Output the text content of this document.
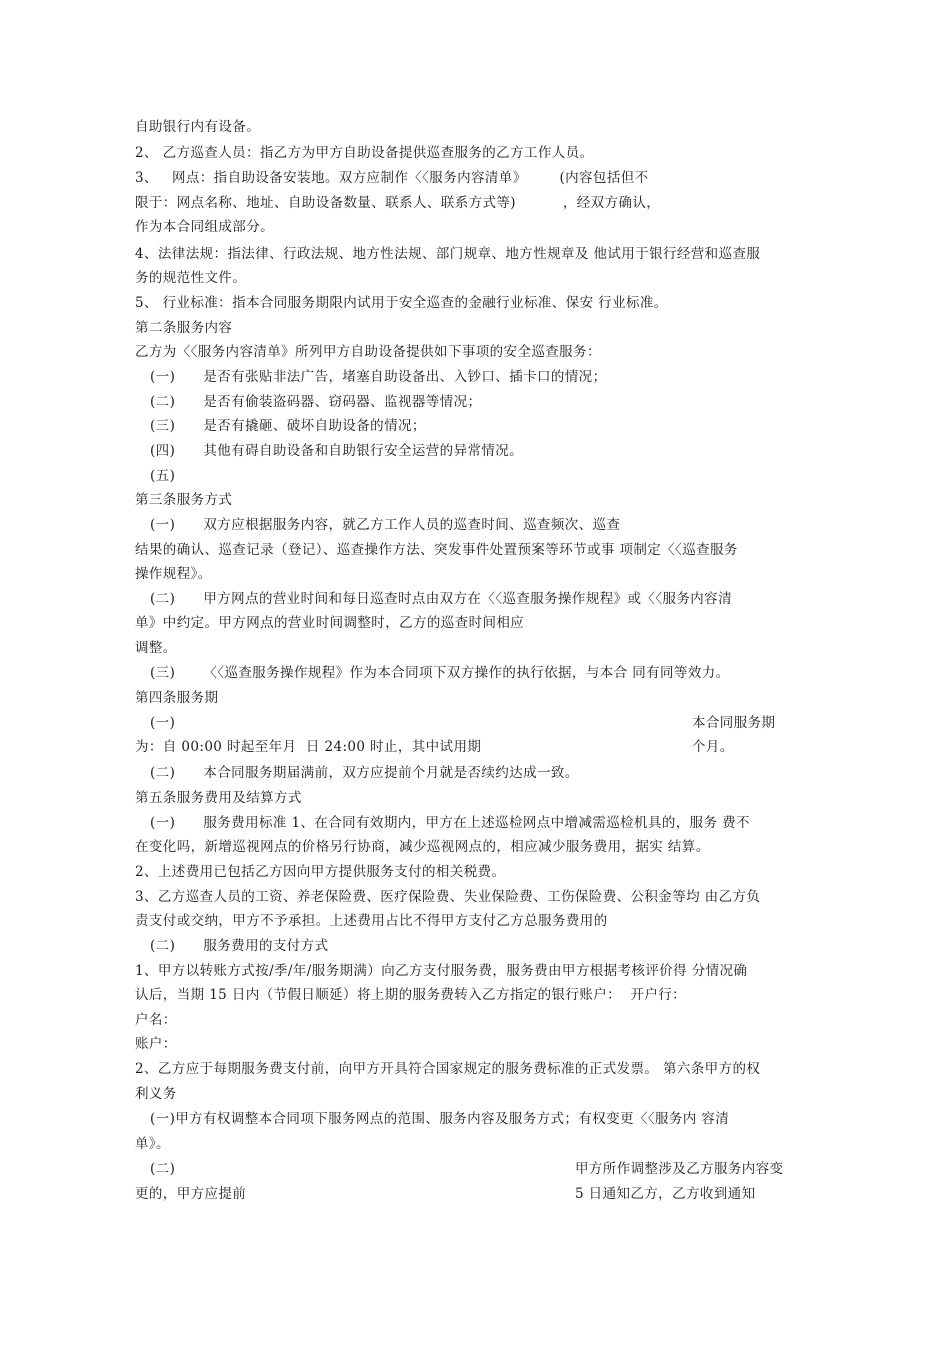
自助银行内有设备。
2、 乙方巡查人员：指乙方为甲方自助设备提供巡查服务的乙方工作人员。
3、   网点：指自助设备安装地。双方应制作〈〈服务内容清单》       (内容包括但不
限于：网点名称、地址、自助设备数量、联系人、联系方式等)          ，经双方确认，
作为本合同组成部分。
4、法律法规：指法律、行政法规、地方性法规、部门规章、地方性规章及 他试用于银行经营和巡查服
务的规范性文件。
5、 行业标准：指本合同服务期限内试用于安全巡查的金融行业标准、保安 行业标准。
第二条服务内容
乙方为〈〈服务内容清单》所列甲方自助设备提供如下事项的安全巡查服务：
(一)      是否有张贴非法广告，堵塞自助设备出、入钞口、插卡口的情况；
(二)      是否有偷装盗码器、窃码器、监视器等情况；
(三)      是否有撬砸、破坏自助设备的情况；
(四)      其他有碍自助设备和自助银行安全运营的异常情况。
(五)
第三条服务方式
(一)      双方应根据服务内容，就乙方工作人员的巡查时间、巡查频次、巡查
结果的确认、巡查记录（登记）、巡查操作方法、突发事件处置预案等环节或事 项制定〈〈巡查服务
操作规程》。
(二)      甲方网点的营业时间和每日巡查时点由双方在〈〈巡查服务操作规程》或〈〈服务内容清
单》中约定。甲方网点的营业时间调整时，乙方的巡查时间相应
调整。
(三)      〈〈巡查服务操作规程》作为本合同项下双方操作的执行依据，与本合 同有同等效力。
第四条服务期
(一)	本合同服务期
为：自 00:00 时起至年月  日 24:00 时止，其中试用期	个月。
(二)      本合同服务期届满前，双方应提前个月就是否续约达成一致。
第五条服务费用及结算方式
(一)      服务费用标准 1、在合同有效期内，甲方在上述巡检网点中增减需巡检机具的，服务 费不
在变化吗，新增巡视网点的价格另行协商，减少巡视网点的，相应减少服务费用，据实 结算。
2、上述费用已包括乙方因向甲方提供服务支付的相关税费。
3、乙方巡查人员的工资、养老保险费、医疗保险费、失业保险费、工伤保险费、公积金等均 由乙方负
责支付或交纳，甲方不予承担。上述费用占比不得甲方支付乙方总服务费用的
(二)      服务费用的支付方式
1、甲方以转账方式按/季/年/服务期满）向乙方支付服务费，服务费由甲方根据考核评价得 分情况确
认后，当期 15 日内（节假日顺延）将上期的服务费转入乙方指定的银行账户：  开户行：
户名：
账户：
2、乙方应于每期服务费支付前，向甲方开具符合国家规定的服务费标准的正式发票。 第六条甲方的权
利义务
(一)甲方有权调整本合同项下服务网点的范围、服务内容及服务方式；有权变更〈〈服务内 容清
单》。
(二)	甲方所作调整涉及乙方服务内容变
更的，甲方应提前	5 日通知乙方，乙方收到通知
